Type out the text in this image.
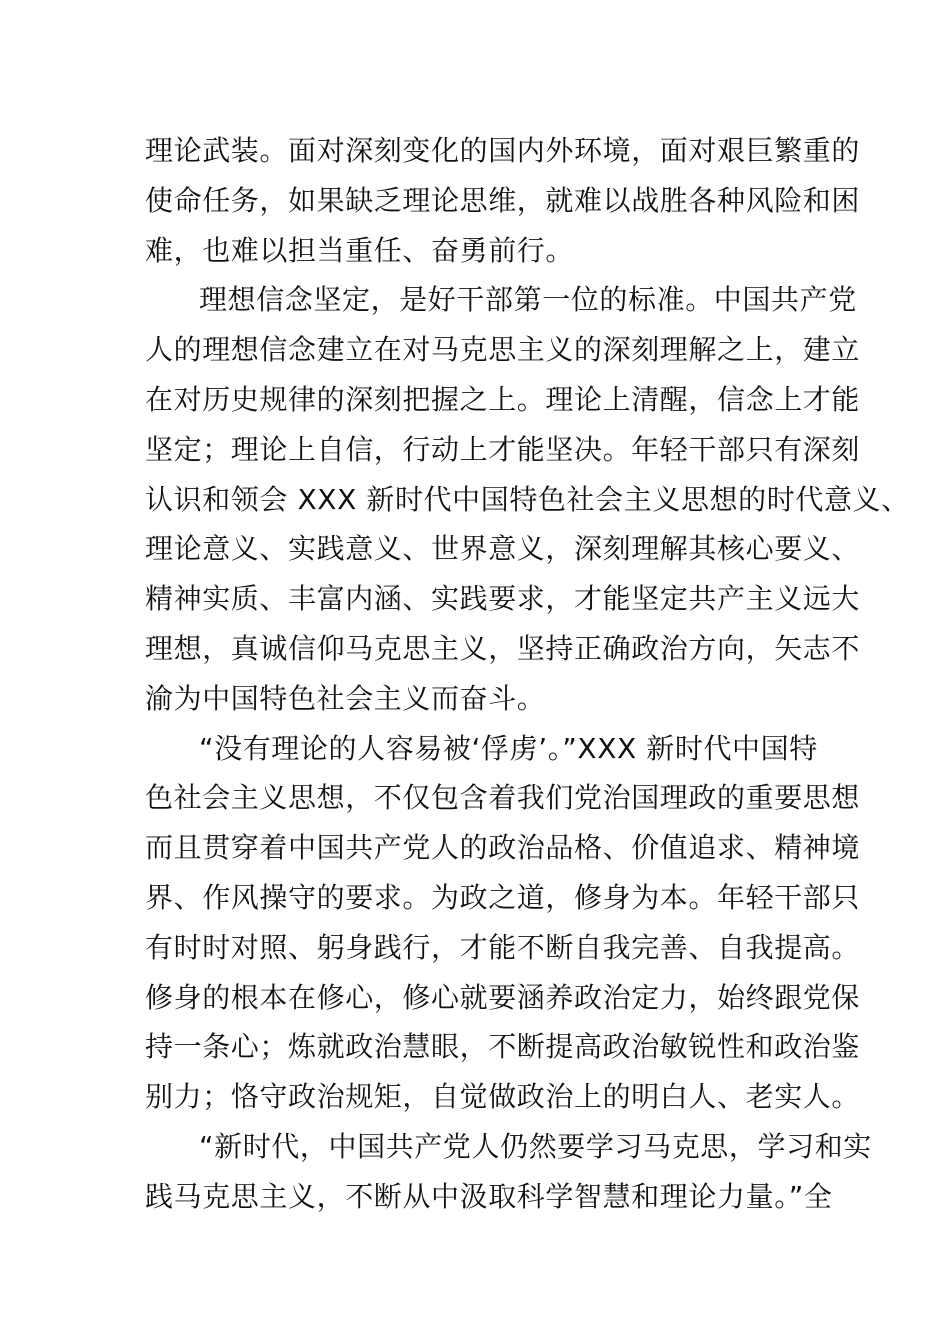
理论武装。面对深刻变化的国内外环境，面对艰巨繁重的
使命任务，如果缺乏理论思维，就难以战胜各种风险和困
难，也难以担当重任、奋勇前行。
理想信念坚定，是好干部第一位的标准。中国共产党
人的理想信念建立在对马克思主义的深刻理解之上，建立
在对历史规律的深刻把握之上。理论上清醒，信念上才能
坚定；理论上自信，行动上才能坚决。年轻干部只有深刻
认识和领会 XXX 新时代中国特色社会主义思想的时代意义、
理论意义、实践意义、世界意义，深刻理解其核心要义、
精神实质、丰富内涵、实践要求，才能坚定共产主义远大
理想，真诚信仰马克思主义，坚持正确政治方向，矢志不
渝为中国特色社会主义而奋斗。
“没有理论的人容易被‘俘虏’。”XXX 新时代中国特
色社会主义思想，不仅包含着我们党治国理政的重要思想
而且贯穿着中国共产党人的政治品格、价值追求、精神境
界、作风操守的要求。为政之道，修身为本。年轻干部只
有时时对照、躬身践行，才能不断自我完善、自我提高。
修身的根本在修心，修心就要涵养政治定力，始终跟党保
持一条心；炼就政治慧眼，不断提高政治敏锐性和政治鉴
别力；恪守政治规矩，自觉做政治上的明白人、老实人。
“新时代，中国共产党人仍然要学习马克思，学习和实
践马克思主义，不断从中汲取科学智慧和理论力量。”全
